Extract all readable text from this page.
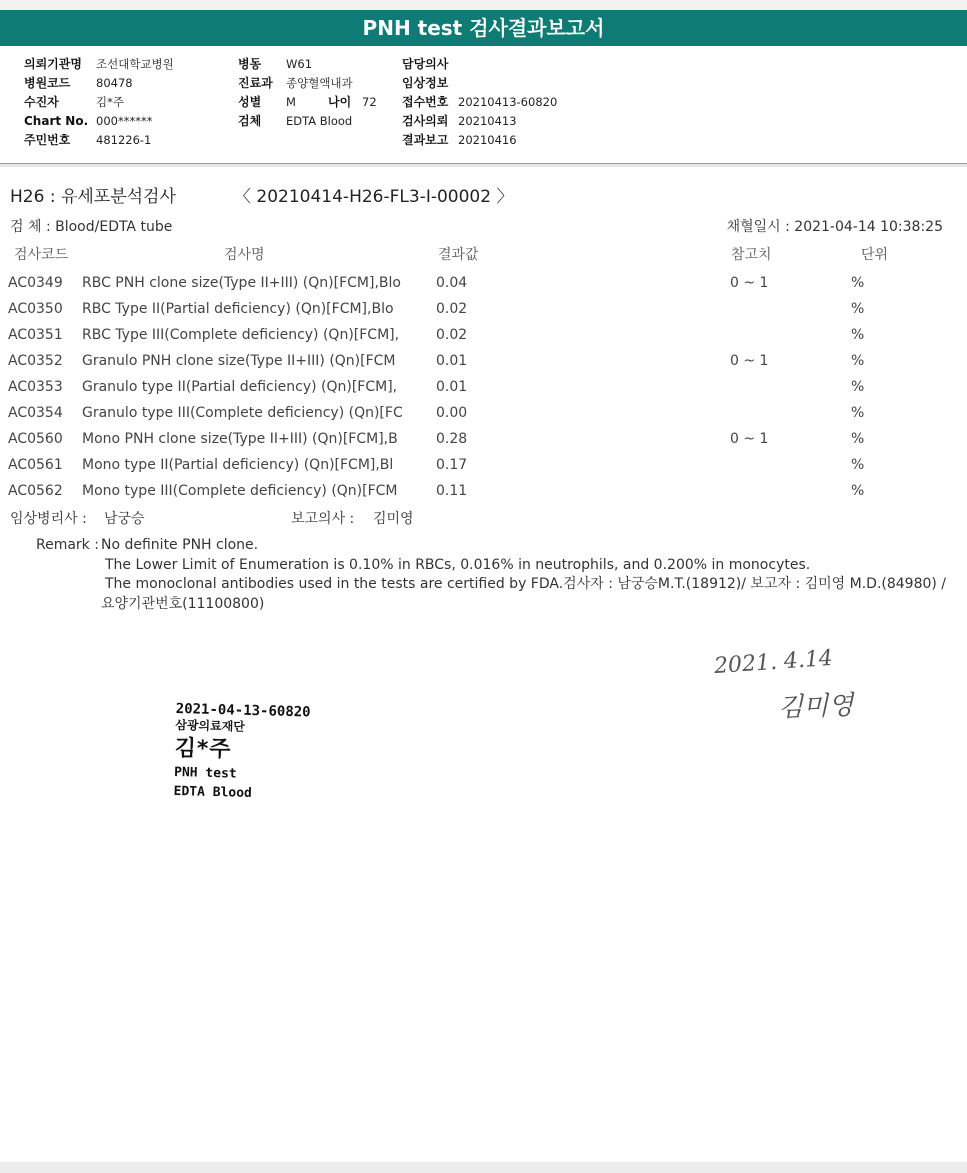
PNH test 검사결과보고서
의뢰기관명 조선대학교병원
병원코드 80478
수진자	김*주
Chart No. 000******
주민번호 481226-1
병동 W61
진료과 종양혈액내과
성별 M	나이 72
검체 EDTA Blood
담당의사
임상정보
접수번호 20210413-60820
검사의뢰 20210413
결과보고 20210416
H26 : 유세포분석검사	〈 20210414-H26-FL3-I-00002 〉
검 체 : Blood/EDTA tube	채혈일시 : 2021-04-14 10:38:25
검사코드	검사명	결과값	참고치	단위
AC0349 RBC PNH clone size(Type II+III) (Qn)[FCM],Blo	0.04	0 ~ 1	%
AC0350 RBC Type II(Partial deficiency) (Qn)[FCM],Blo	0.02	%
AC0351 RBC Type III(Complete deficiency) (Qn)[FCM],	0.02	%
AC0352 Granulo PNH clone size(Type II+III) (Qn)[FCM	0.01	0 ~ 1	%
AC0353 Granulo type II(Partial deficiency) (Qn)[FCM],	0.01	%
AC0354 Granulo type III(Complete deficiency) (Qn)[FC	0.00	%
AC0560 Mono PNH clone size(Type II+III) (Qn)[FCM],B	0.28	0 ~ 1	%
AC0561 Mono type II(Partial deficiency) (Qn)[FCM],Bl	0.17	%
AC0562 Mono type III(Complete deficiency) (Qn)[FCM	0.11	%
임상병리사 : 남궁승	보고의사 : 김미영
Remark : No definite PNH clone.
The Lower Limit of Enumeration is 0.10% in RBCs, 0.016% in neutrophils, and 0.200% in monocytes.
The monoclonal antibodies used in the tests are certified by FDA.검사자 : 남궁승M.T.(18912)/ 보고자 : 김미영 M.D.(84980) /
요양기관번호(11100800)
2021. 4.14
김미영
2021-04-13-60820
삼광의료재단
김*주
PNH test
EDTA Blood
